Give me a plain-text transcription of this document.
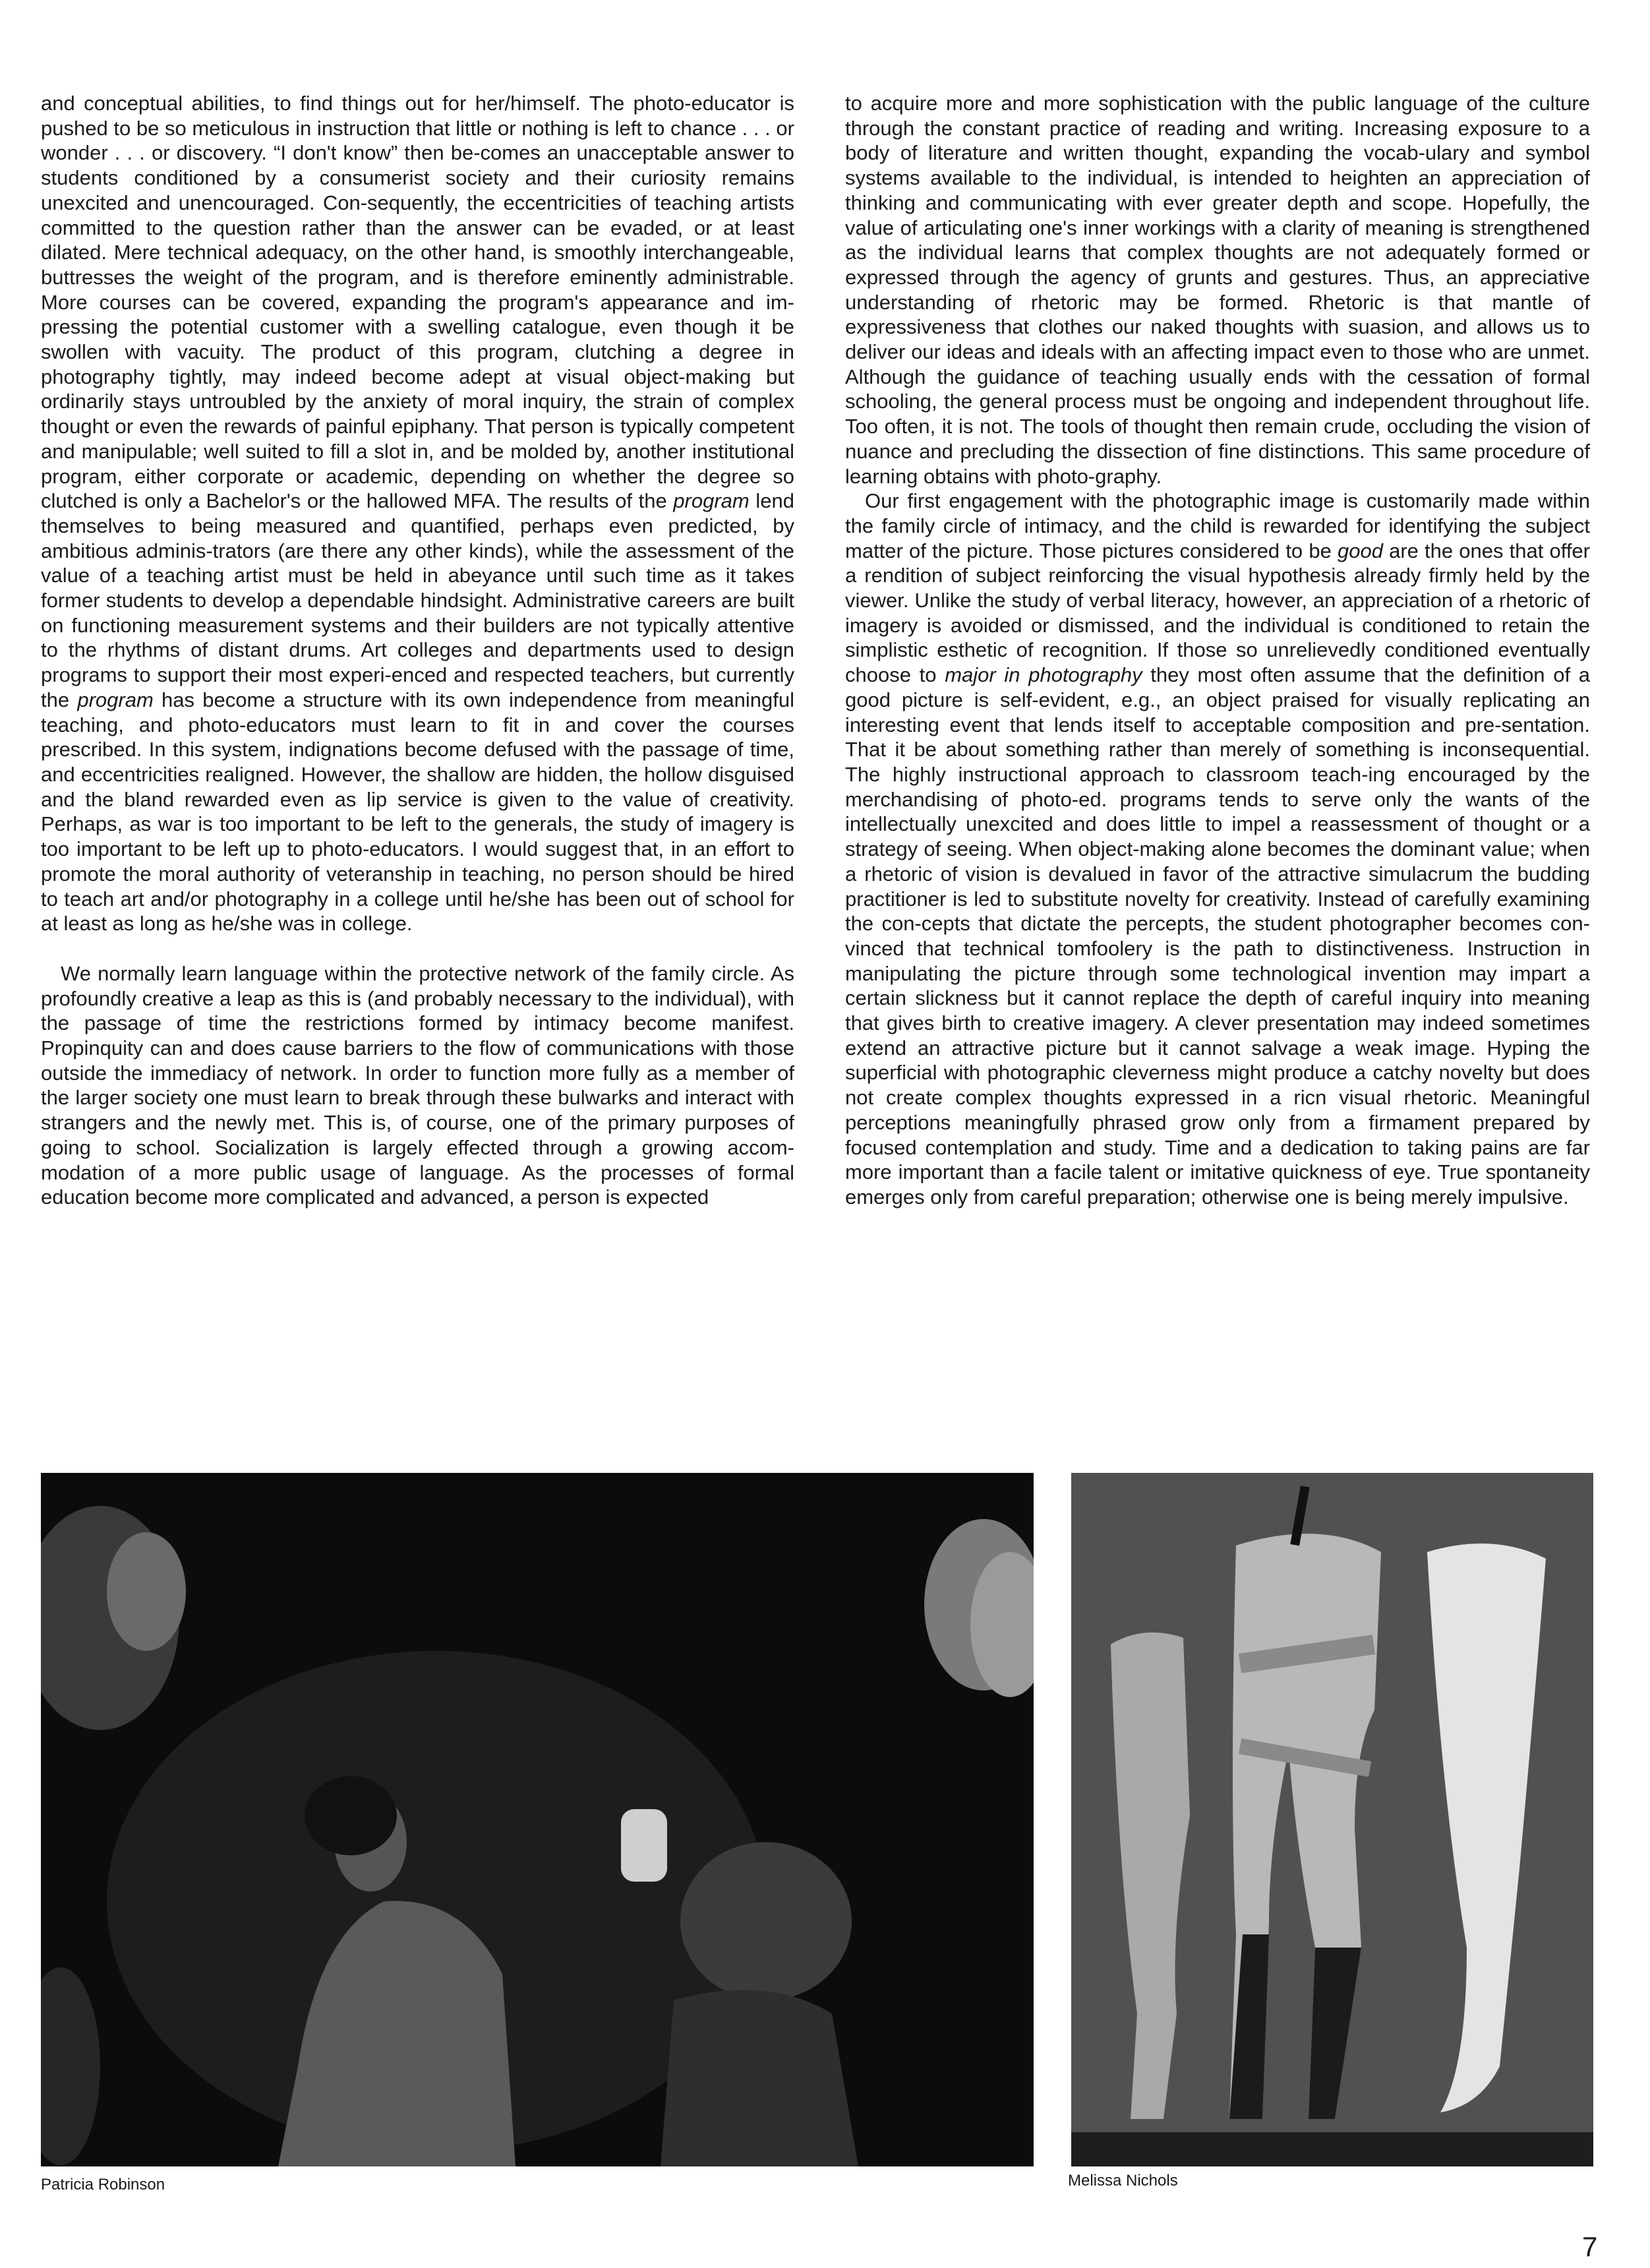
and conceptual abilities, to find things out for her/himself. The photo-educator is pushed to be so meticulous in instruction that little or nothing is left to chance . . . or wonder . . . or discovery. “I don't know” then be-comes an unacceptable answer to students conditioned by a consumerist society and their curiosity remains unexcited and unencouraged. Con-sequently, the eccentricities of teaching artists committed to the question rather than the answer can be evaded, or at least dilated. Mere technical adequacy, on the other hand, is smoothly interchangeable, buttresses the weight of the program, and is therefore eminently administrable. More courses can be covered, expanding the program's appearance and im-pressing the potential customer with a swelling catalogue, even though it be swollen with vacuity. The product of this program, clutching a degree in photography tightly, may indeed become adept at visual object-making but ordinarily stays untroubled by the anxiety of moral inquiry, the strain of complex thought or even the rewards of painful epiphany. That person is typically competent and manipulable; well suited to fill a slot in, and be molded by, another institutional program, either corporate or academic, depending on whether the degree so clutched is only a Bachelor's or the hallowed MFA. The results of the program lend themselves to being measured and quantified, perhaps even predicted, by ambitious adminis-trators (are there any other kinds), while the assessment of the value of a teaching artist must be held in abeyance until such time as it takes former students to develop a dependable hindsight. Administrative careers are built on functioning measurement systems and their builders are not typically attentive to the rhythms of distant drums. Art colleges and departments used to design programs to support their most experi-enced and respected teachers, but currently the program has become a structure with its own independence from meaningful teaching, and photo-educators must learn to fit in and cover the courses prescribed. In this system, indignations become defused with the passage of time, and eccentricities realigned. However, the shallow are hidden, the hollow disguised and the bland rewarded even as lip service is given to the value of creativity. Perhaps, as war is too important to be left to the generals, the study of imagery is too important to be left up to photo-educators. I would suggest that, in an effort to promote the moral authority of veteranship in teaching, no person should be hired to teach art and/or photography in a college until he/she has been out of school for at least as long as he/she was in college.

We normally learn language within the protective network of the family circle. As profoundly creative a leap as this is (and probably necessary to the individual), with the passage of time the restrictions formed by intimacy become manifest. Propinquity can and does cause barriers to the flow of communications with those outside the immediacy of network. In order to function more fully as a member of the larger society one must learn to break through these bulwarks and interact with strangers and the newly met. This is, of course, one of the primary purposes of going to school. Socialization is largely effected through a growing accom-modation of a more public usage of language. As the processes of formal education become more complicated and advanced, a person is expected

to acquire more and more sophistication with the public language of the culture through the constant practice of reading and writing. Increasing exposure to a body of literature and written thought, expanding the vocab-ulary and symbol systems available to the individual, is intended to heighten an appreciation of thinking and communicating with ever greater depth and scope. Hopefully, the value of articulating one's inner workings with a clarity of meaning is strengthened as the individual learns that complex thoughts are not adequately formed or expressed through the agency of grunts and gestures. Thus, an appreciative understanding of rhetoric may be formed. Rhetoric is that mantle of expressiveness that clothes our naked thoughts with suasion, and allows us to deliver our ideas and ideals with an affecting impact even to those who are unmet. Although the guidance of teaching usually ends with the cessation of formal schooling, the general process must be ongoing and independent throughout life. Too often, it is not. The tools of thought then remain crude, occluding the vision of nuance and precluding the dissection of fine distinctions. This same procedure of learning obtains with photo-graphy.

Our first engagement with the photographic image is customarily made within the family circle of intimacy, and the child is rewarded for identifying the subject matter of the picture. Those pictures considered to be good are the ones that offer a rendition of subject reinforcing the visual hypothesis already firmly held by the viewer. Unlike the study of verbal literacy, however, an appreciation of a rhetoric of imagery is avoided or dismissed, and the individual is conditioned to retain the simplistic esthetic of recognition. If those so unrelievedly conditioned eventually choose to major in photography they most often assume that the definition of a good picture is self-evident, e.g., an object praised for visually replicating an interesting event that lends itself to acceptable composition and pre-sentation. That it be about something rather than merely of something is inconsequential. The highly instructional approach to classroom teach-ing encouraged by the merchandising of photo-ed. programs tends to serve only the wants of the intellectually unexcited and does little to impel a reassessment of thought or a strategy of seeing. When object-making alone becomes the dominant value; when a rhetoric of vision is devalued in favor of the attractive simulacrum the budding practitioner is led to substitute novelty for creativity. Instead of carefully examining the con-cepts that dictate the percepts, the student photographer becomes con-vinced that technical tomfoolery is the path to distinctiveness. Instruction in manipulating the picture through some technological invention may impart a certain slickness but it cannot replace the depth of careful inquiry into meaning that gives birth to creative imagery. A clever presentation may indeed sometimes extend an attractive picture but it cannot salvage a weak image. Hyping the superficial with photographic cleverness might produce a catchy novelty but does not create complex thoughts expressed in a ricn visual rhetoric. Meaningful perceptions meaningfully phrased grow only from a firmament prepared by focused contemplation and study. Time and a dedication to taking pains are far more important than a facile talent or imitative quickness of eye. True spontaneity emerges only from careful preparation; otherwise one is being merely impulsive.

Patricia Robinson	Melissa Nichols
7
